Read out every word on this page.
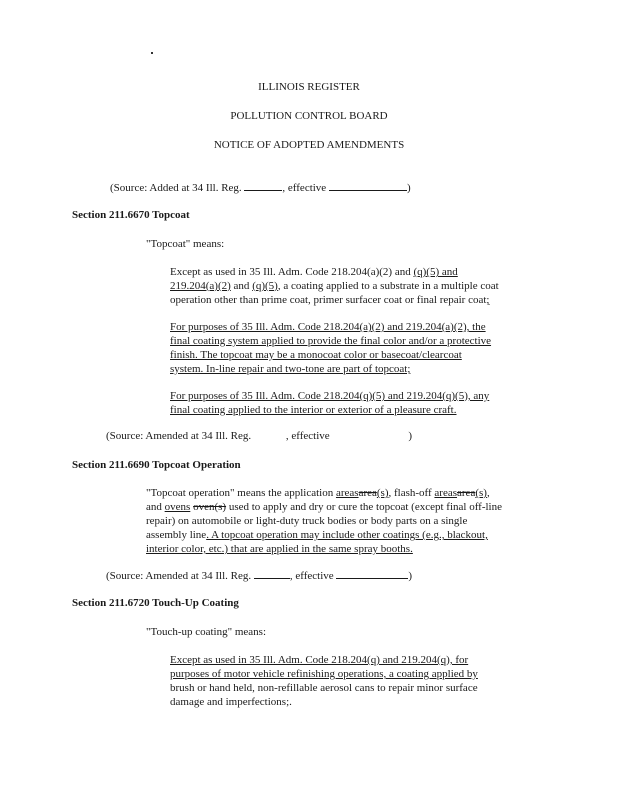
ILLINOIS REGISTER
POLLUTION CONTROL BOARD
NOTICE OF ADOPTED AMENDMENTS
(Source: Added at 34 Ill. Reg.	, effective	)
Section 211.6670 Topcoat
"Topcoat" means:
Except as used in 35 Ill. Adm. Code 218.204(a)(2) and (q)(5) and
219.204(a)(2) and (q)(5), a coating applied to a substrate in a multiple coat
operation other than prime coat, primer surfacer coat or final repair coat;
For purposes of 35 Ill. Adm. Code 218.204(a)(2) and 219.204(a)(2), the
final coating system applied to provide the final color and/or a protective
finish. The topcoat may be a monocoat color or basecoat/clearcoat
system. In-line repair and two-tone are part of topcoat;
For purposes of 35 Ill. Adm. Code 218.204(q)(5) and 219.204(q)(5), any
final coating applied to the interior or exterior of a pleasure craft.
(Source: Amended at 34 Ill. Reg.	, effective	)
Section 211.6690 Topcoat Operation
"Topcoat operation" means the application areasarea(s), flash-off areasarea(s),
and ovens oven(s) used to apply and dry or cure the topcoat (except final off-line
repair) on automobile or light-duty truck bodies or body parts on a single
assembly line. A topcoat operation may include other coatings (e.g., blackout,
interior color, etc.) that are applied in the same spray booths.
(Source: Amended at 34 Ill. Reg.	, effective	)
Section 211.6720 Touch-Up Coating
"Touch-up coating" means:
Except as used in 35 Ill. Adm. Code 218.204(q) and 219.204(q), for
purposes of motor vehicle refinishing operations, a coating applied by
brush or hand held, non-refillable aerosol cans to repair minor surface
damage and imperfections;.
